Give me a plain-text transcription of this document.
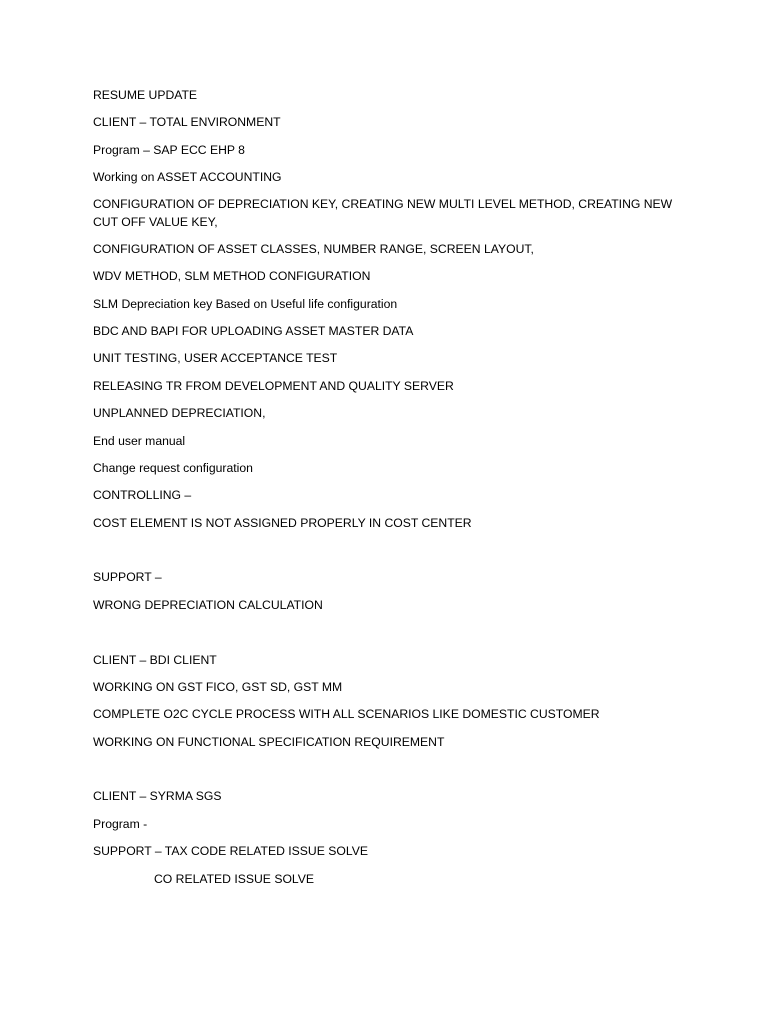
RESUME UPDATE
CLIENT – TOTAL ENVIRONMENT
Program – SAP ECC EHP 8
Working on ASSET ACCOUNTING
CONFIGURATION OF DEPRECIATION KEY, CREATING NEW MULTI LEVEL METHOD, CREATING NEW CUT OFF VALUE KEY,
CONFIGURATION OF ASSET CLASSES, NUMBER RANGE, SCREEN LAYOUT,
WDV METHOD, SLM METHOD CONFIGURATION
SLM Depreciation key Based on Useful life configuration
BDC AND BAPI FOR UPLOADING ASSET MASTER DATA
UNIT TESTING, USER ACCEPTANCE TEST
RELEASING TR FROM DEVELOPMENT AND QUALITY SERVER
UNPLANNED DEPRECIATION,
End user manual
Change request configuration
CONTROLLING –
COST ELEMENT IS NOT ASSIGNED PROPERLY IN COST CENTER
SUPPORT –
WRONG DEPRECIATION CALCULATION
CLIENT – BDI CLIENT
WORKING ON GST FICO, GST SD, GST MM
COMPLETE O2C CYCLE PROCESS WITH ALL SCENARIOS LIKE DOMESTIC CUSTOMER
WORKING ON FUNCTIONAL SPECIFICATION REQUIREMENT
CLIENT – SYRMA SGS
Program -
SUPPORT – TAX CODE RELATED ISSUE SOLVE
CO RELATED ISSUE SOLVE
